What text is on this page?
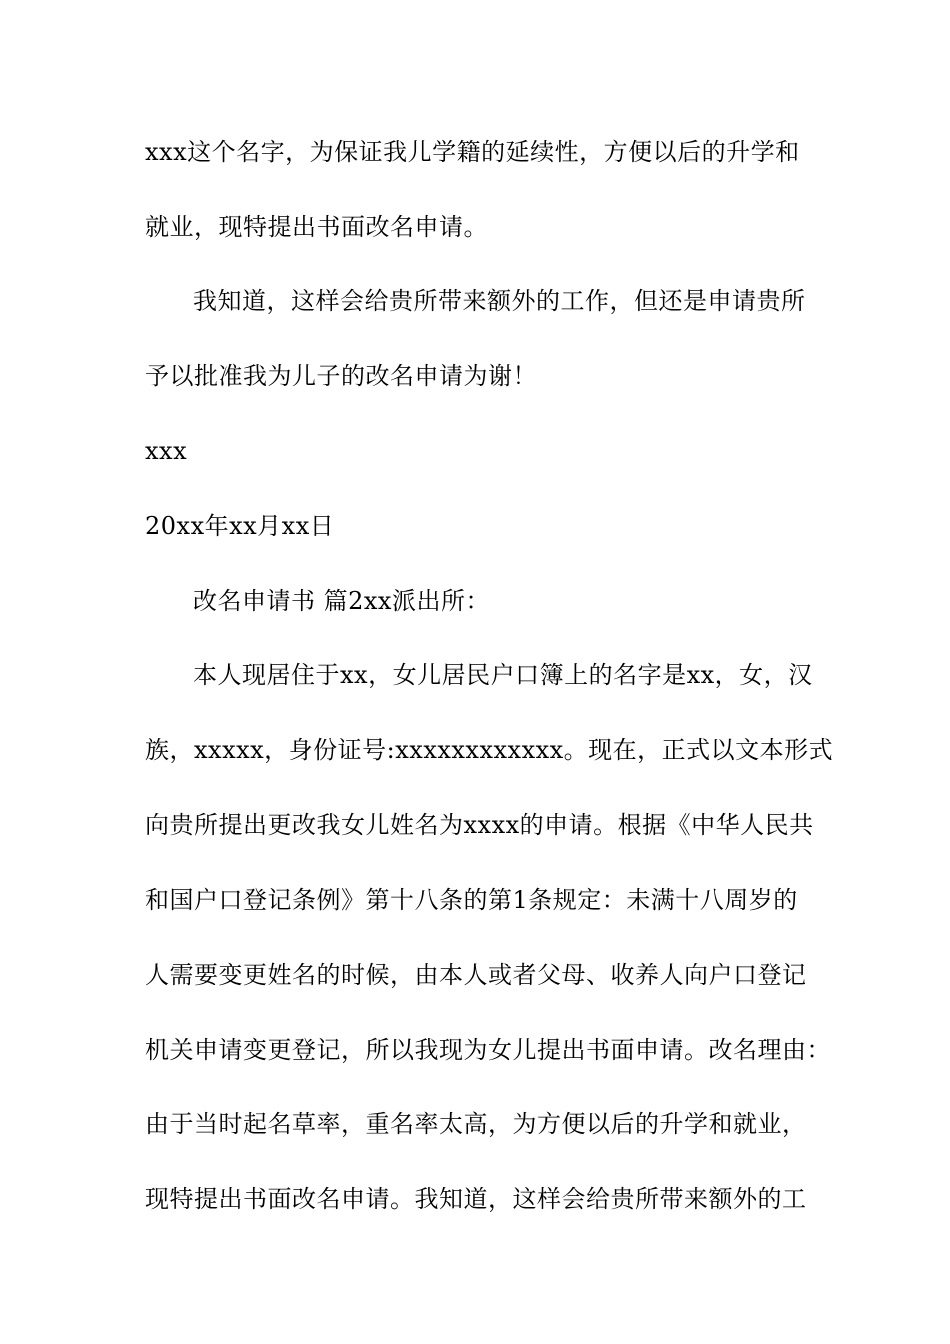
xxx这个名字，为保证我儿学籍的延续性，方便以后的升学和
就业，现特提出书面改名申请。
我知道，这样会给贵所带来额外的工作，但还是申请贵所
予以批准我为儿子的改名申请为谢！
xxx
20xx年xx月xx日
改名申请书 篇2xx派出所：
本人现居住于xx，女儿居民户口簿上的名字是xx，女，汉
族，xxxxx，身份证号:xxxxxxxxxxxx。现在，正式以文本形式
向贵所提出更改我女儿姓名为xxxx的申请。根据《中华人民共
和国户口登记条例》第十八条的第1条规定：未满十八周岁的
人需要变更姓名的时候，由本人或者父母、收养人向户口登记
机关申请变更登记，所以我现为女儿提出书面申请。改名理由：
由于当时起名草率，重名率太高，为方便以后的升学和就业，
现特提出书面改名申请。我知道，这样会给贵所带来额外的工
